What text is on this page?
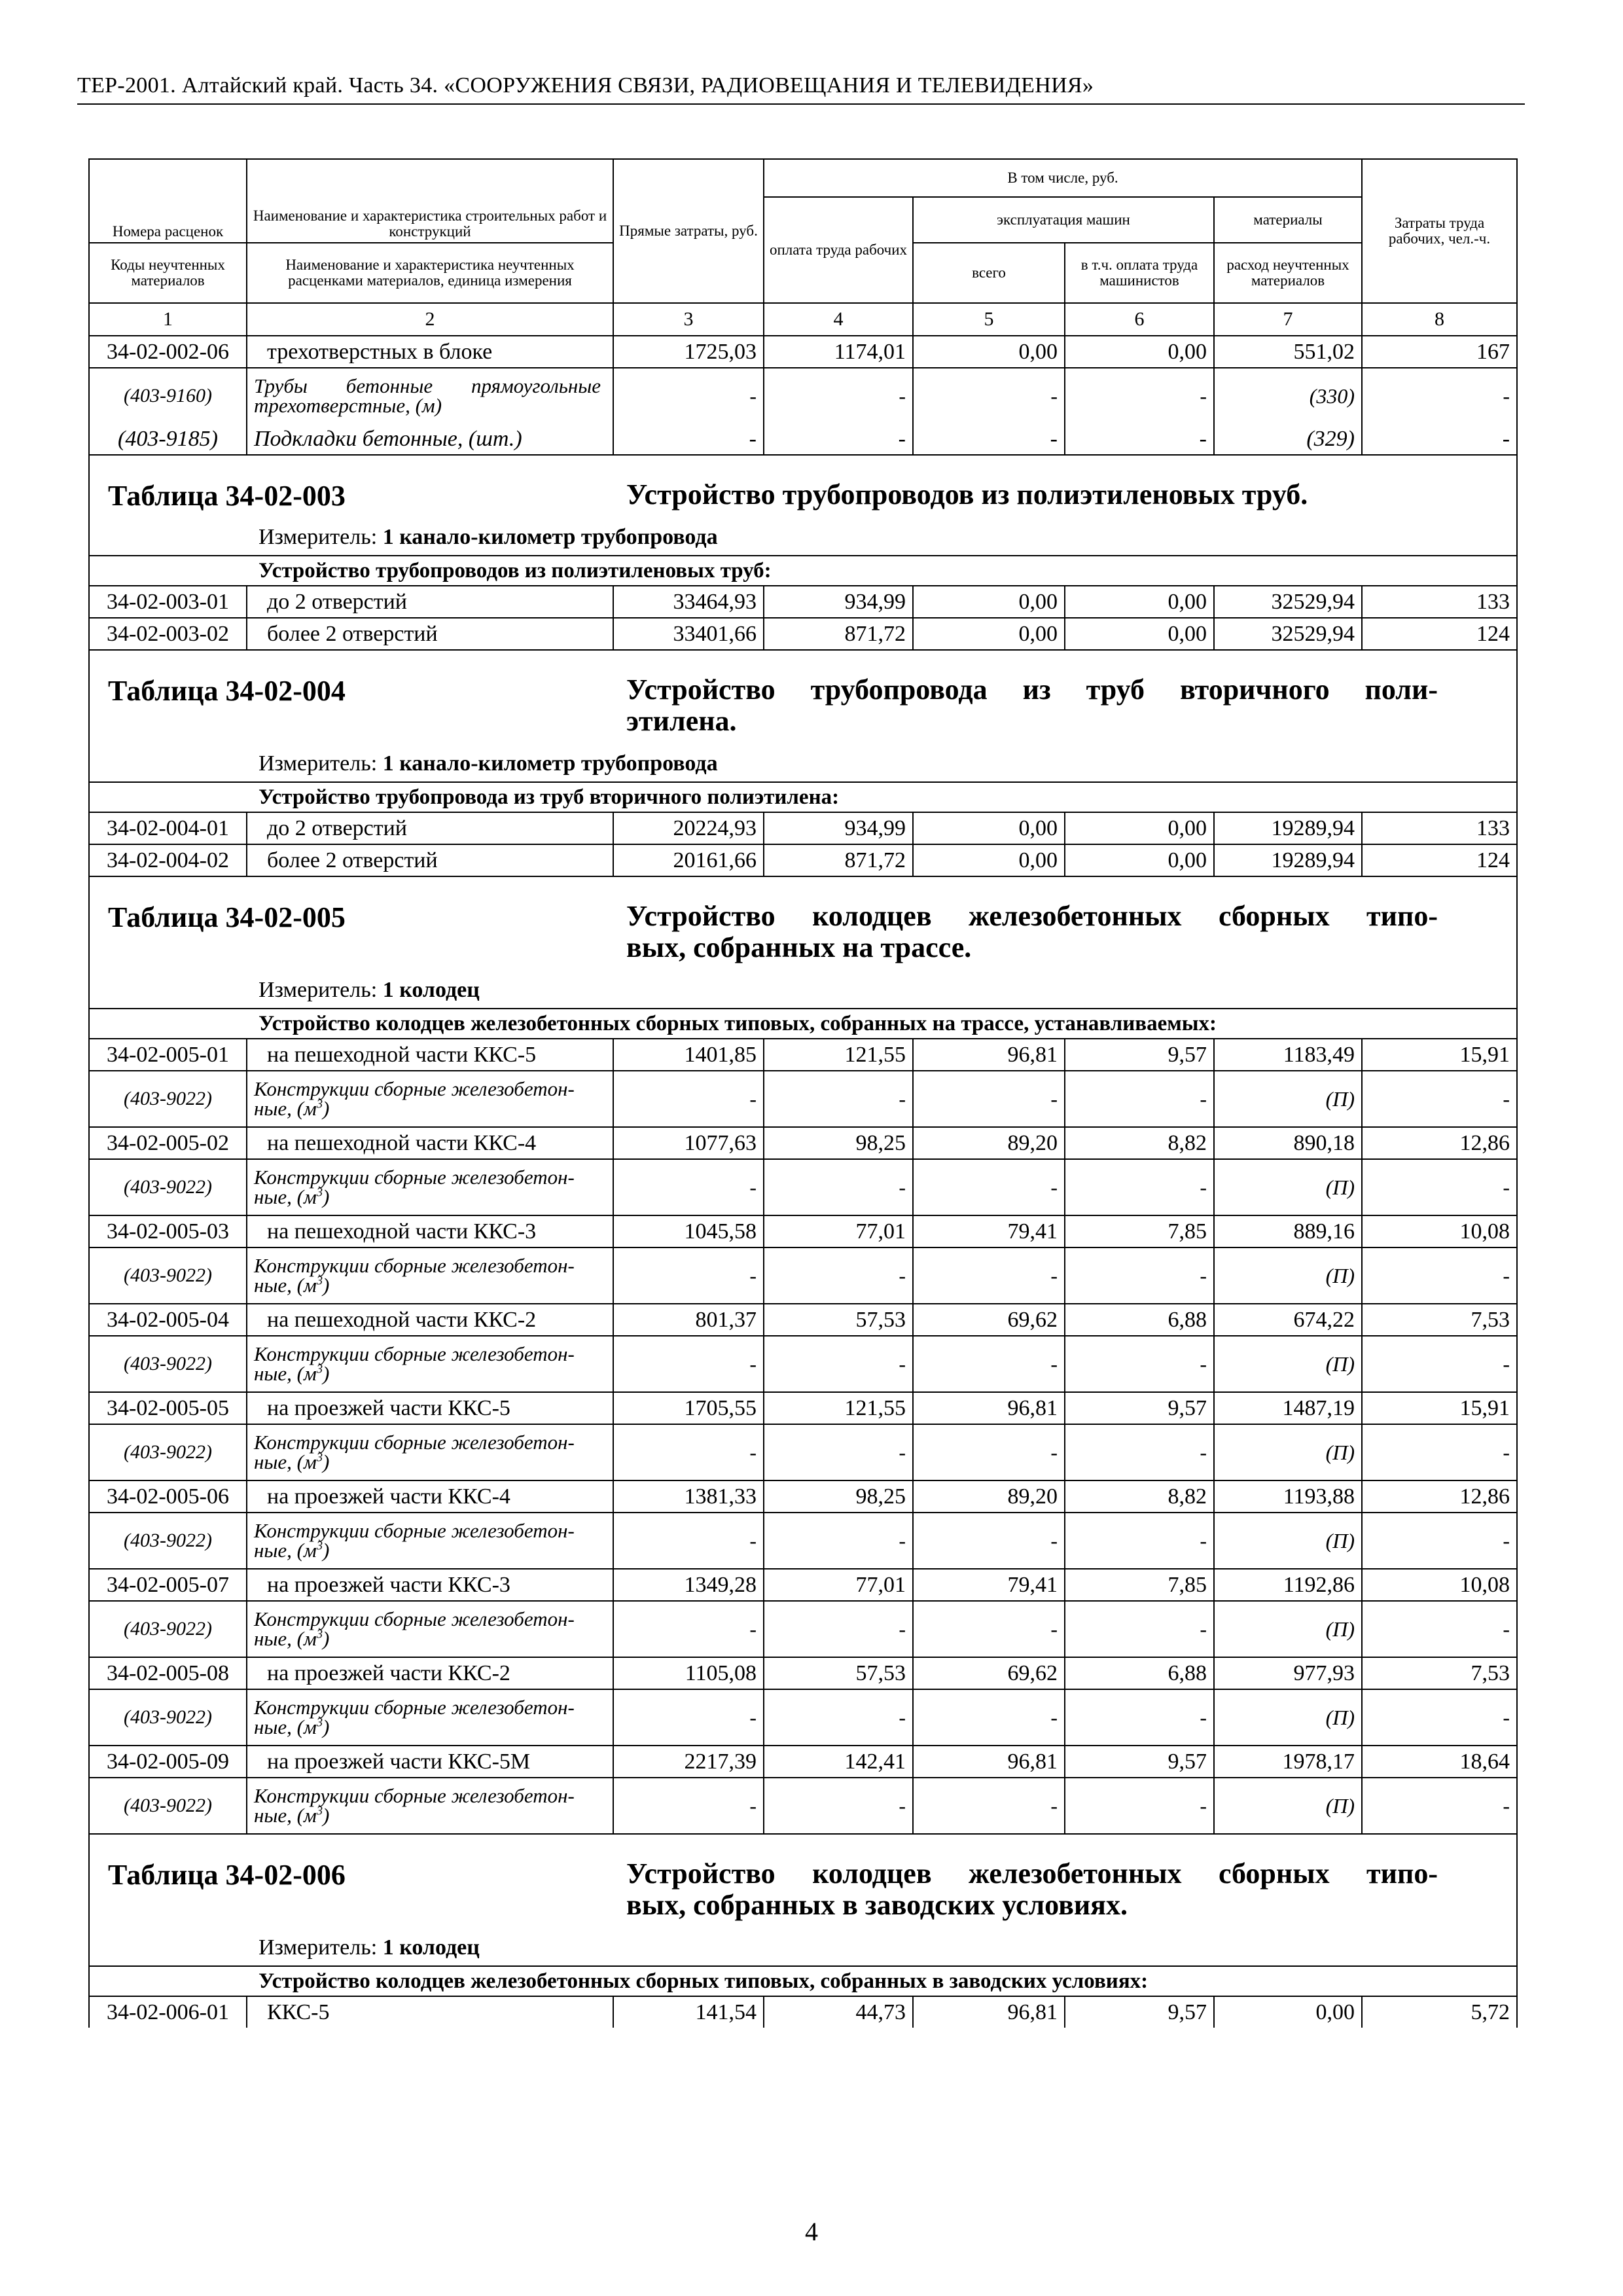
ТЕР-2001. Алтайский край. Часть 34. «СООРУЖЕНИЯ СВЯЗИ, РАДИОВЕЩАНИЯ И ТЕЛЕВИДЕНИЯ»
Номера расценок	Наименование и характеристика строительных работ и конструкций	Прямые затраты, руб.	В том числе, руб.				Затраты труда рабочих, чел.-ч.
			оплата труда рабочих	эксплуатация машин		материалы	
Коды неучтенных материалов	Наименование и характеристика неучтенных расценками материалов, единица измерения			всего	в т.ч. оплата труда машинистов	расход неучтенных материалов	
1	2	3	4	5	6	7	8
34-02-002-06	трехотверстных в блоке	1725,03	1174,01	0,00	0,00	551,02	167
(403-9160)	Трубы бетонные прямоугольные трехотверстные, (м)	-	-	-	-	(330)	-
(403-9185)	Подкладки бетонные, (шт.)	-	-	-	-	(329)	-

Таблица 34-02-003 Устройство трубопроводов из полиэтиленовых труб.
Измеритель: 1 канало-километр трубопровода							

Устройство трубопроводов из полиэтиленовых труб:							
34-02-003-01	до 2 отверстий	33464,93	934,99	0,00	0,00	32529,94	133
34-02-003-02	более 2 отверстий	33401,66	871,72	0,00	0,00	32529,94	124

Таблица 34-02-004 Устройство трубопровода из труб вторичного поли-
этилена.
Измеритель: 1 канало-километр трубопровода							

Устройство трубопровода из труб вторичного полиэтилена:							
34-02-004-01	до 2 отверстий	20224,93	934,99	0,00	0,00	19289,94	133
34-02-004-02	более 2 отверстий	20161,66	871,72	0,00	0,00	19289,94	124

Таблица 34-02-005 Устройство колодцев железобетонных сборных типо-
вых, собранных на трассе.
Измеритель: 1 колодец							

Устройство колодцев железобетонных сборных типовых, собранных на трассе, устанавливаемых:							
34-02-005-01	на пешеходной части ККС-5	1401,85	121,55	96,81	9,57	1183,49	15,91
(403-9022)	Конструкции сборные железобетон-ные, $(м^3)$	-	-	-	-	(П)	-
34-02-005-02	на пешеходной части ККС-4	1077,63	98,25	89,20	8,82	890,18	12,86
(403-9022)	Конструкции сборные железобетон-ные, $(м^3)$	-	-	-	-	(П)	-
34-02-005-03	на пешеходной части ККС-3	1045,58	77,01	79,41	7,85	889,16	10,08
(403-9022)	Конструкции сборные железобетон-ные, $(м^3)$	-	-	-	-	(П)	-
34-02-005-04	на пешеходной части ККС-2	801,37	57,53	69,62	6,88	674,22	7,53
(403-9022)	Конструкции сборные железобетон-ные, $(м^3)$	-	-	-	-	(П)	-
34-02-005-05	на проезжей части ККС-5	1705,55	121,55	96,81	9,57	1487,19	15,91
(403-9022)	Конструкции сборные железобетон-ные, $(м^3)$	-	-	-	-	(П)	-
34-02-005-06	на проезжей части ККС-4	1381,33	98,25	89,20	8,82	1193,88	12,86
(403-9022)	Конструкции сборные железобетон-ные, $(м^3)$	-	-	-	-	(П)	-
34-02-005-07	на проезжей части ККС-3	1349,28	77,01	79,41	7,85	1192,86	10,08
(403-9022)	Конструкции сборные железобетон-ные, $(м^3)$	-	-	-	-	(П)	-
34-02-005-08	на проезжей части ККС-2	1105,08	57,53	69,62	6,88	977,93	7,53
(403-9022)	Конструкции сборные железобетон-ные, $(м^3)$	-	-	-	-	(П)	-
34-02-005-09	на проезжей части ККС-5М	2217,39	142,41	96,81	9,57	1978,17	18,64
(403-9022)	Конструкции сборные железобетон-ные, $(м^3)$	-	-	-	-	(П)	-
Таблица 34-02-006	Устройство колодцев железобетонных сборных типо-
вых, собранных в заводских условиях.
Измеритель: 1 колодец

Устройство колодцев железобетонных сборных типовых, собранных в заводских условиях:
34-02-006-01	ККС-5	141,54	44,73	96,81	9,57	0,00	5,72
4
